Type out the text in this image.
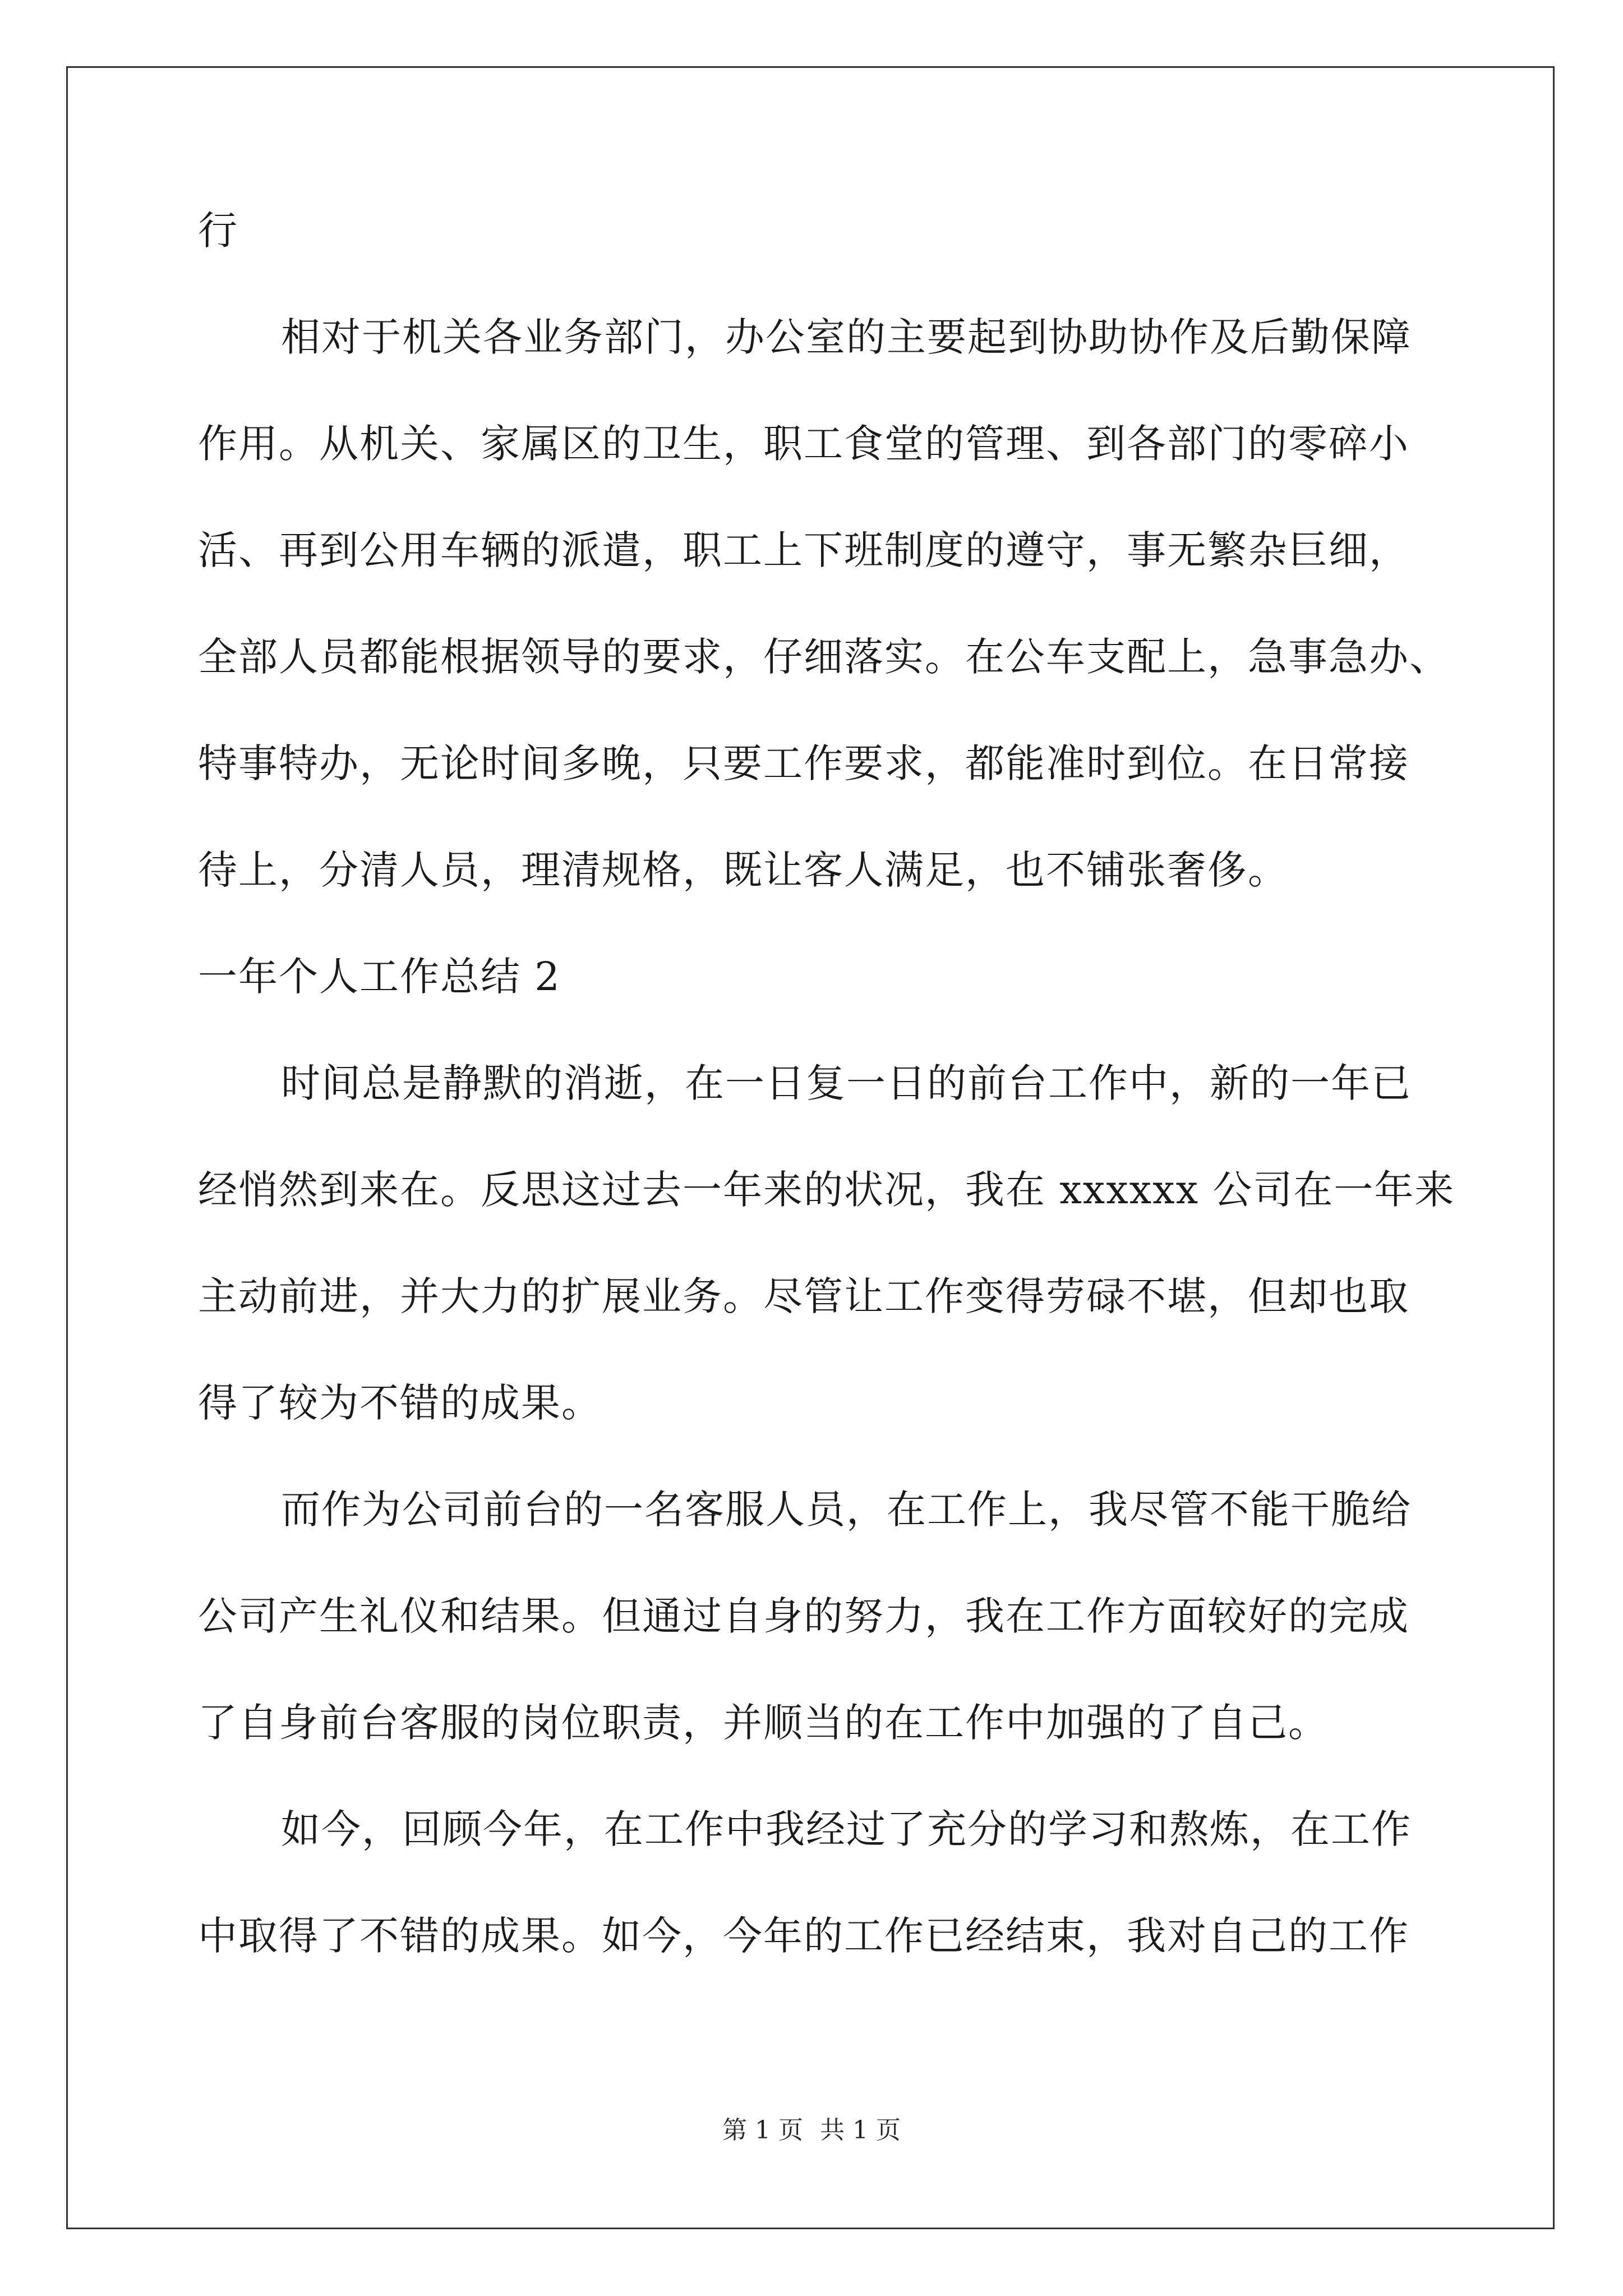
行
相对于机关各业务部门，办公室的主要起到协助协作及后勤保障
作用。从机关、家属区的卫生，职工食堂的管理、到各部门的零碎小
活、再到公用车辆的派遣，职工上下班制度的遵守，事无繁杂巨细，
全部人员都能根据领导的要求，仔细落实。在公车支配上，急事急办、
特事特办，无论时间多晚，只要工作要求，都能准时到位。在日常接
待上，分清人员，理清规格，既让客人满足，也不铺张奢侈。
一年个人工作总结 2
时间总是静默的消逝，在一日复一日的前台工作中，新的一年已
经悄然到来在。反思这过去一年来的状况，我在 xxxxxx 公司在一年来
主动前进，并大力的扩展业务。尽管让工作变得劳碌不堪，但却也取
得了较为不错的成果。
而作为公司前台的一名客服人员，在工作上，我尽管不能干脆给
公司产生礼仪和结果。但通过自身的努力，我在工作方面较好的完成
了自身前台客服的岗位职责，并顺当的在工作中加强的了自己。
如今，回顾今年，在工作中我经过了充分的学习和熬炼，在工作
中取得了不错的成果。如今，今年的工作已经结束，我对自己的工作
第 1 页 共 1 页
